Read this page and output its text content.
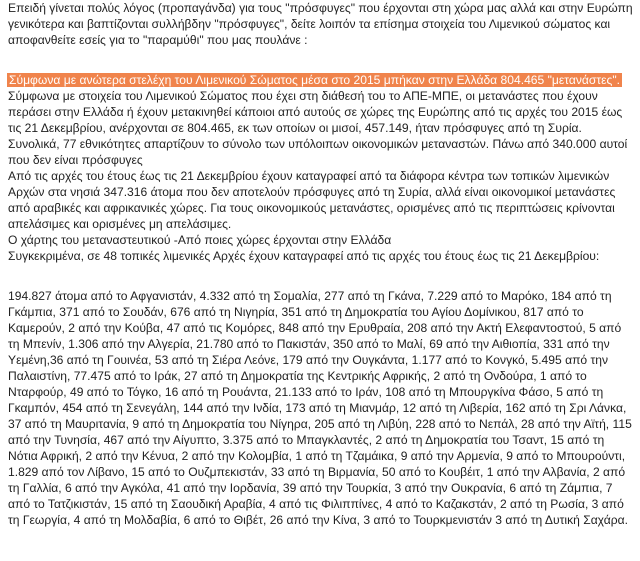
Επειδή γίνεται πολύς λόγος (προπαγάνδα) για τους "πρόσφυγες" που έρχονται στη χώρα μας αλλά και στην Ευρώπη γενικότερα και βαπτίζονται συλλήβδην "πρόσφυγες", δείτε λοιπόν τα επίσημα στοιχεία του Λιμενικού σώματος και αποφανθείτε εσείς για το "παραμύθι" που μας πουλάνε :

Σύμφωνα με ανώτερα στελέχη του Λιμενικού Σώματος μέσα στο 2015 μπήκαν στην Ελλάδα 804.465 "μετανάστες".

Σύμφωνα με στοιχεία του Λιμενικού Σώματος που έχει στη διάθεσή του το ΑΠΕ-ΜΠΕ, οι μετανάστες που έχουν περάσει στην Ελλάδα ή έχουν μετακινηθεί κάποιοι από αυτούς σε χώρες της Ευρώπης από τις αρχές του 2015 έως τις 21 Δεκεμβρίου, ανέρχονται σε 804.465, εκ των οποίων οι μισοί, 457.149, ήταν πρόσφυγες από τη Συρία. Συνολικά, 77 εθνικότητες απαρτίζουν το σύνολο των υπόλοιπων οικονομικών μεταναστών. Πάνω από 340.000 αυτοί που δεν είναι πρόσφυγες

Από τις αρχές του έτους έως τις 21 Δεκεμβρίου έχουν καταγραφεί από τα διάφορα κέντρα των τοπικών λιμενικών Αρχών στα νησιά 347.316 άτομα που δεν αποτελούν πρόσφυγες από τη Συρία, αλλά είναι οικονομικοί μετανάστες από αραβικές και αφρικανικές χώρες. Για τους οικονομικούς μετανάστες, ορισμένες από τις περιπτώσεις κρίνονται απελάσιμες και ορισμένες μη απελάσιμες.

Ο χάρτης του μεταναστευτικού -Από ποιες χώρες έρχονται στην Ελλάδα

Συγκεκριμένα, σε 48 τοπικές λιμενικές Αρχές έχουν καταγραφεί από τις αρχές του έτους έως τις 21 Δεκεμβρίου:

194.827 άτομα από το Αφγανιστάν, 4.332 από τη Σομαλία, 277 από τη Γκάνα, 7.229 από το Μαρόκο, 184 από τη Γκάμπια, 371 από το Σουδάν, 676 από τη Νιγηρία, 351 από τη Δημοκρατία του Αγίου Δομίνικου, 817 από το Καμερούν, 2 από την Κούβα, 47 από τις Κομόρες, 848 από την Ερυθραία, 208 από την Ακτή Ελεφαντοστού, 5 από τη Μπενίν, 1.306 από την Αλγερία, 21.780 από το Πακιστάν, 350 από το Μαλί, 69 από την Αιθιοπία, 331 από την Υεμένη,36 από τη Γουινέα, 53 από τη Σιέρα Λεόνε, 179 από την Ουγκάντα, 1.177 από το Κονγκό, 5.495 από την Παλαιστίνη, 77.475 από το Ιράκ, 27 από τη Δημοκρατία της Κεντρικής Αφρικής, 2 από τη Ονδούρα, 1 από το Νταρφούρ, 49 από το Τόγκο, 16 από τη Ρουάντα, 21.133 από το Ιράν, 108 από τη Μπουργκίνα Φάσο, 5 από τη Γκαμπόν, 454 από τη Σενεγάλη, 144 από την Ινδία, 173 από τη Μιανμάρ, 12 από τη Λιβερία, 162 από τη Σρι Λάνκα, 37 από τη Μαυριτανία, 9 από τη Δημοκρατία του Νίγηρα, 205 από τη Λιβύη, 228 από το Νεπάλ, 28 από την Αϊτή, 115 από την Τυνησία, 467 από την Αίγυπτο, 3.375 από το Μπαγκλαντές, 2 από τη Δημοκρατία του Τσαντ, 15 από τη Νότια Αφρική, 2 από την Κένυα, 2 από την Κολομβία, 1 από τη Τζαμάικα, 9 από την Αρμενία, 9 από το Μπουρούντι, 1.829 από τον Λίβανο, 15 από το Ουζμπεκιστάν, 33 από τη Βιρμανία, 50 από το Κουβέιτ, 1 από την Αλβανία, 2 από τη Γαλλία, 6 από την Αγκόλα, 41 από την Ιορδανία, 39 από την Τουρκία, 3 από την Ουκρανία, 6 από τη Ζάμπια, 7 από το Τατζικιστάν, 15 από τη Σαουδική Αραβία, 4 από τις Φιλιππίνες, 4 από το Καζακστάν, 2 από τη Ρωσία, 3 από τη Γεωργία, 4 από τη Μολδαβία, 6 από το Θιβέτ, 26 από την Κίνα, 3 από το Τουρκμενιστάν 3 από τη Δυτική Σαχάρα.
